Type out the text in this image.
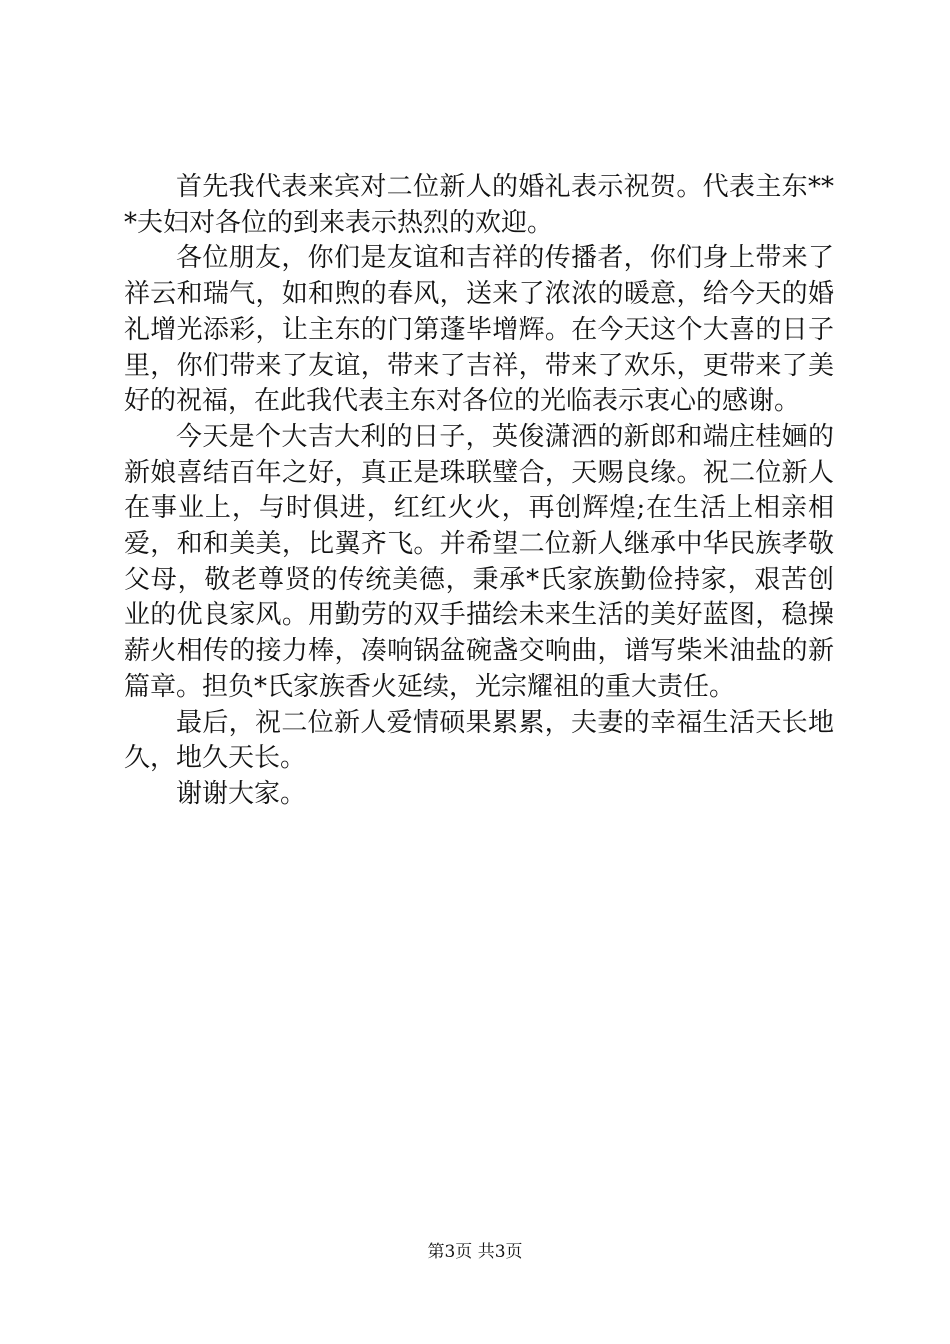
首先我代表来宾对二位新人的婚礼表示祝贺。代表主东***夫妇对各位的到来表示热烈的欢迎。

各位朋友，你们是友谊和吉祥的传播者，你们身上带来了祥云和瑞气，如和煦的春风，送来了浓浓的暖意，给今天的婚礼增光添彩，让主东的门第蓬毕增辉。在今天这个大喜的日子里，你们带来了友谊，带来了吉祥，带来了欢乐，更带来了美好的祝福，在此我代表主东对各位的光临表示衷心的感谢。

今天是个大吉大利的日子，英俊潇洒的新郎和端庄桂婳的新娘喜结百年之好，真正是珠联璧合，天赐良缘。祝二位新人在事业上，与时俱进，红红火火，再创辉煌;在生活上相亲相爱，和和美美，比翼齐飞。并希望二位新人继承中华民族孝敬父母，敬老尊贤的传统美德，秉承*氏家族勤俭持家，艰苦创业的优良家风。用勤劳的双手描绘未来生活的美好蓝图，稳操薪火相传的接力棒，凑响锅盆碗盏交响曲，谱写柴米油盐的新篇章。担负*氏家族香火延续，光宗耀祖的重大责任。

最后，祝二位新人爱情硕果累累，夫妻的幸福生活天长地久，地久天长。

谢谢大家。

第3页 共3页
